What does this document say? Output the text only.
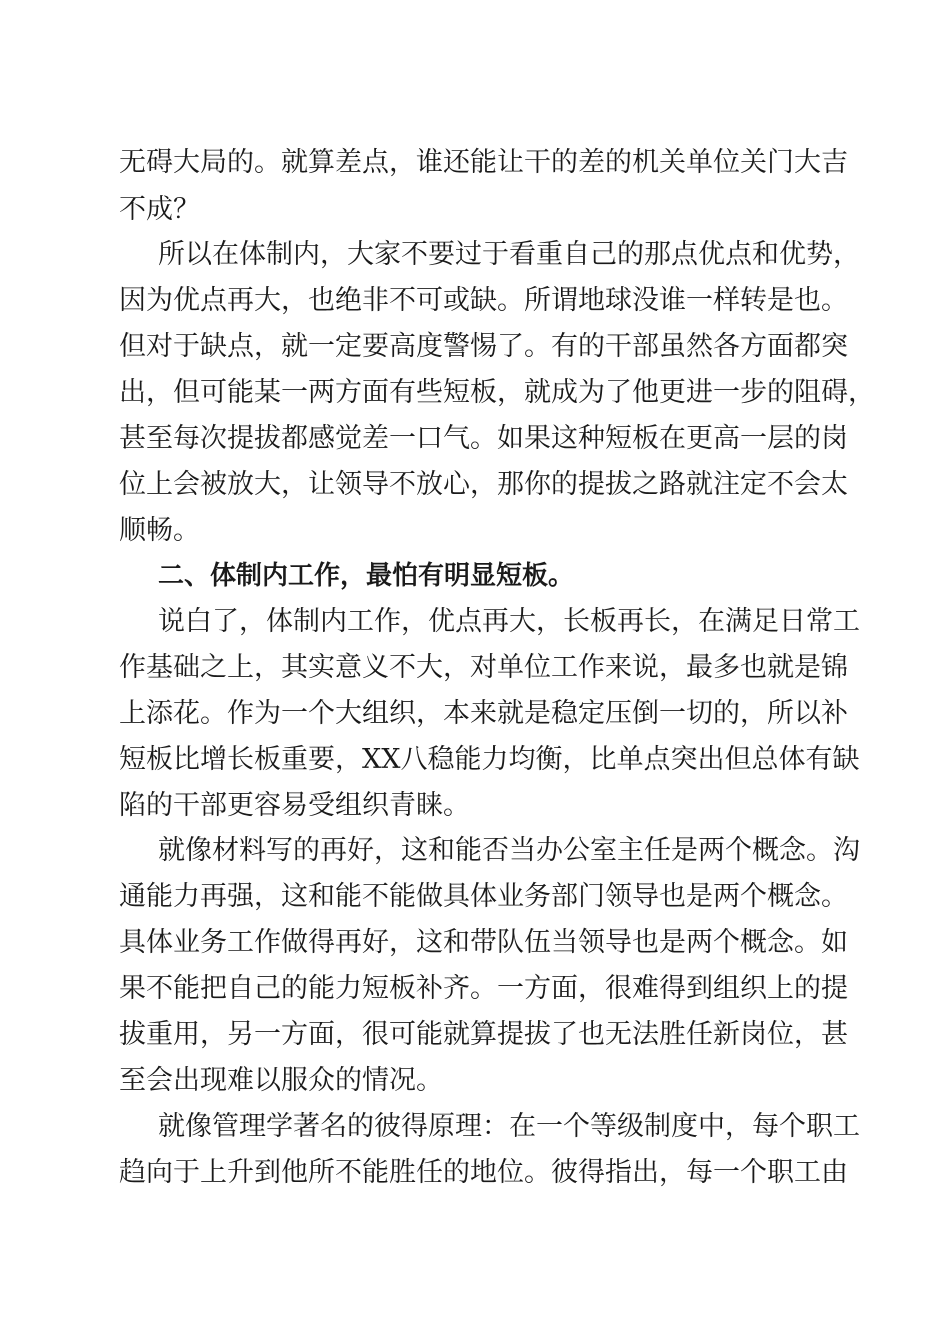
无碍大局的。就算差点，谁还能让干的差的机关单位关门大吉
不成？
所以在体制内，大家不要过于看重自己的那点优点和优势，
因为优点再大，也绝非不可或缺。所谓地球没谁一样转是也。
但对于缺点，就一定要高度警惕了。有的干部虽然各方面都突
出，但可能某一两方面有些短板，就成为了他更进一步的阻碍，
甚至每次提拔都感觉差一口气。如果这种短板在更高一层的岗
位上会被放大，让领导不放心，那你的提拔之路就注定不会太
顺畅。
二、体制内工作，最怕有明显短板。
说白了，体制内工作，优点再大，长板再长，在满足日常工
作基础之上，其实意义不大，对单位工作来说，最多也就是锦
上添花。作为一个大组织，本来就是稳定压倒一切的，所以补
短板比增长板重要，XX八稳能力均衡，比单点突出但总体有缺
陷的干部更容易受组织青睐。
就像材料写的再好，这和能否当办公室主任是两个概念。沟
通能力再强，这和能不能做具体业务部门领导也是两个概念。
具体业务工作做得再好，这和带队伍当领导也是两个概念。如
果不能把自己的能力短板补齐。一方面，很难得到组织上的提
拔重用，另一方面，很可能就算提拔了也无法胜任新岗位，甚
至会出现难以服众的情况。
就像管理学著名的彼得原理：在一个等级制度中，每个职工
趋向于上升到他所不能胜任的地位。彼得指出，每一个职工由
